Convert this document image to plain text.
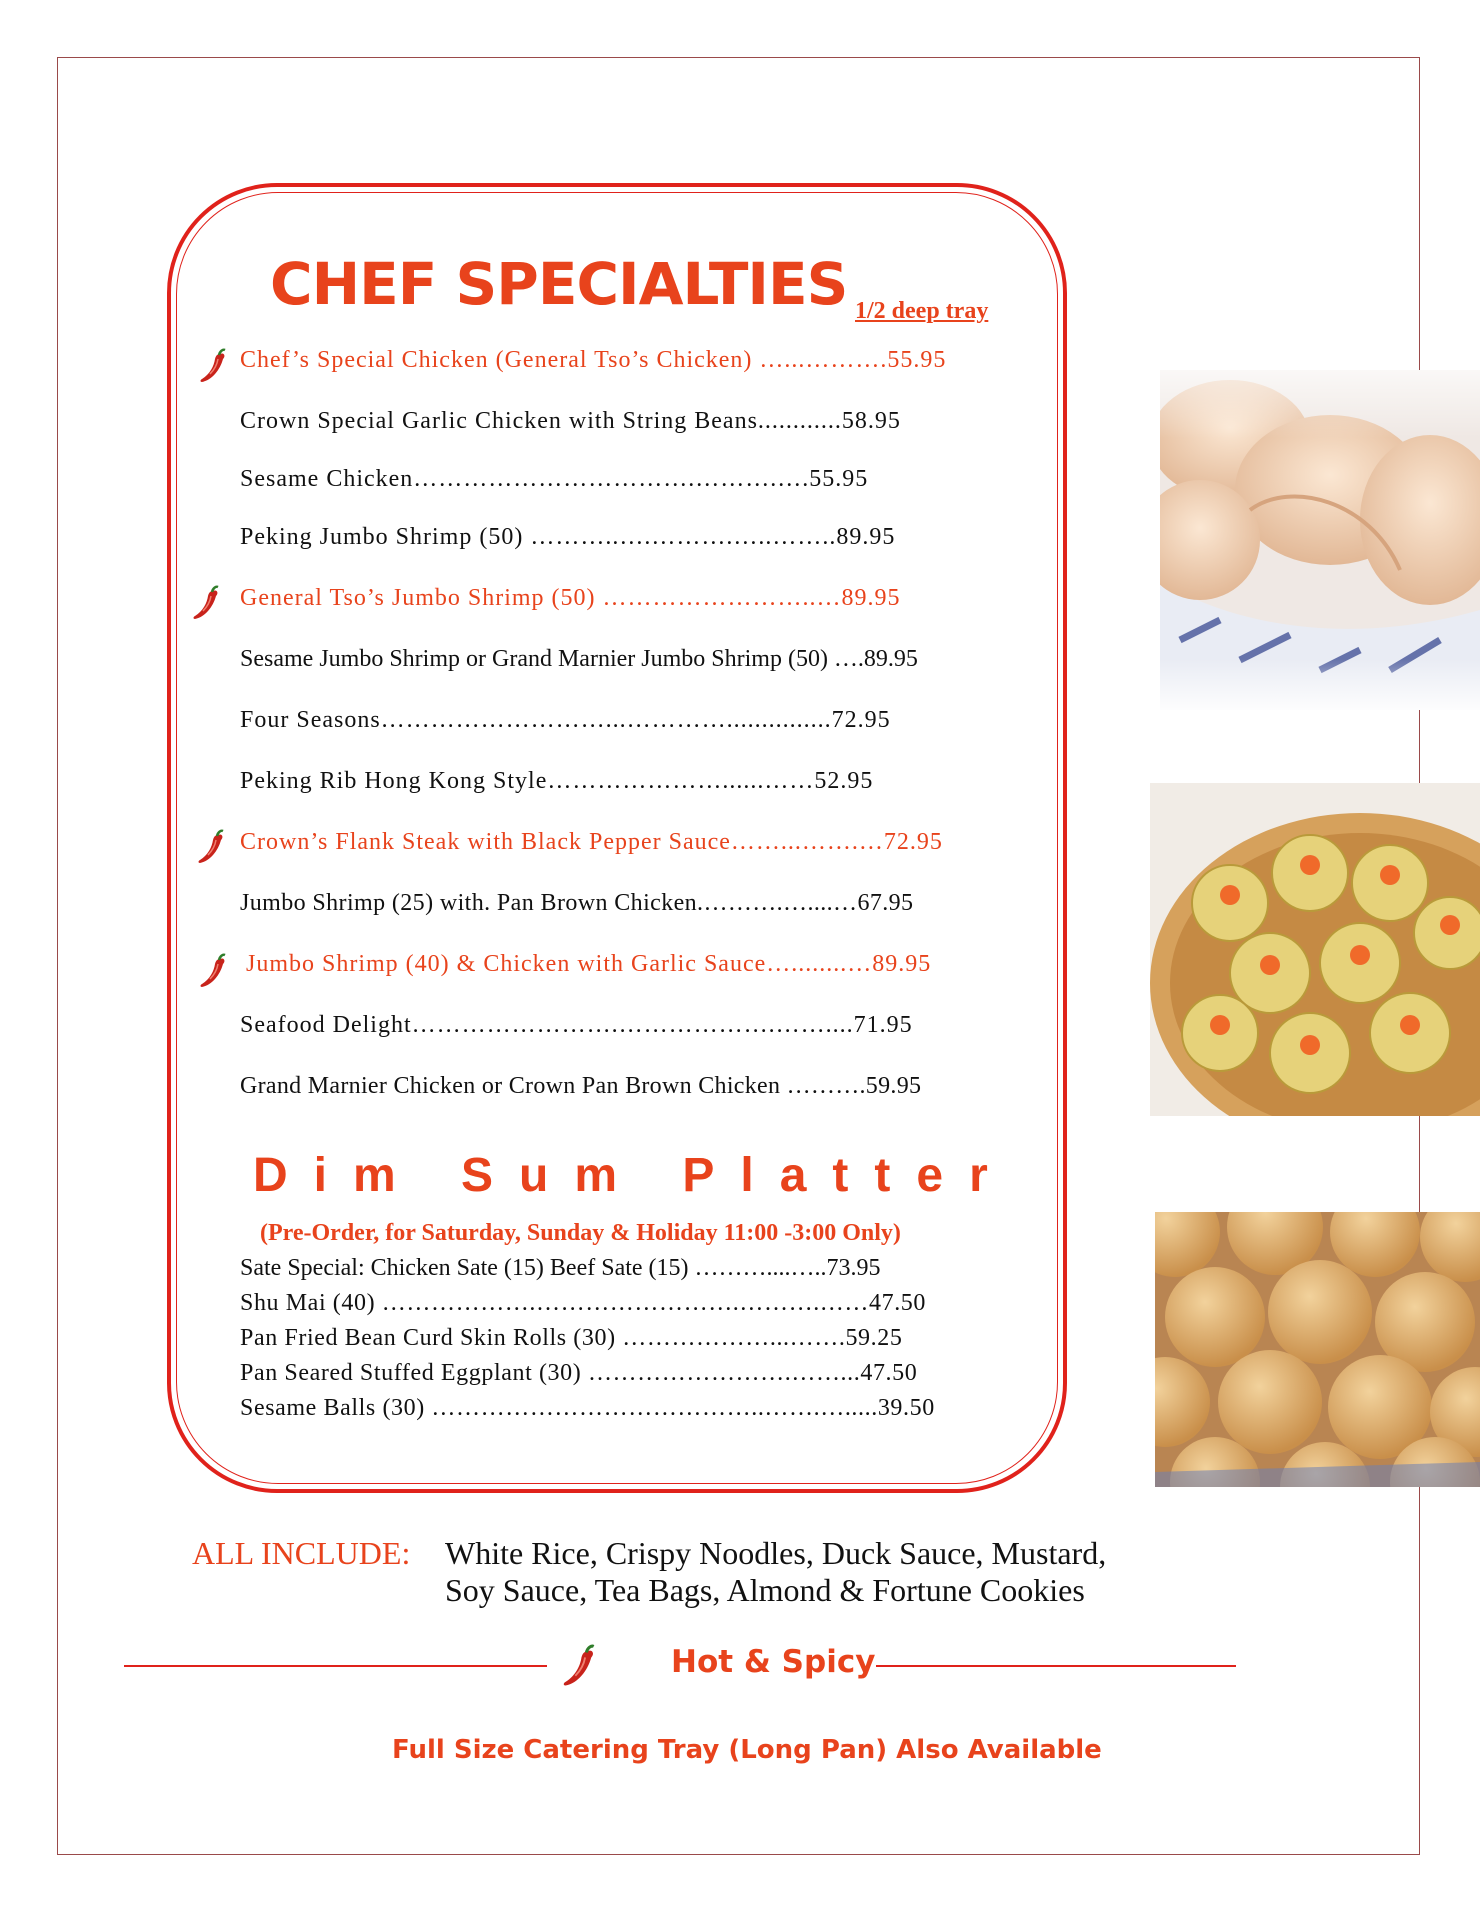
CHEF SPECIALTIES 1/2 deep tray
Chef’s Special Chicken (General Tso’s Chicken) …...……….55.95
Crown Special Garlic Chicken with String Beans............58.95
Sesame Chicken…………………………….……….….55.95
Peking Jumbo Shrimp (50) ………..….……….…..……..89.95
General Tso’s Jumbo Shrimp (50) ……………………..…89.95
Sesame Jumbo Shrimp or Grand Marnier Jumbo Shrimp (50) ….89.95
Four Seasons………………………...…………...............72.95
Peking Rib Hong Kong Style…………………......……52.95
Crown’s Flank Steak with Black Pepper Sauce……...…….…72.95
Jumbo Shrimp (25) with. Pan Brown Chicken.……….…....…67.95
Jumbo Shrimp (40) & Chicken with Garlic Sauce…........…89.95
Seafood Delight…………………….……………….……....71.95
Grand Marnier Chicken or Crown Pan Brown Chicken ……….59.95
Dim Sum Platter
(Pre-Order, for Saturday, Sunday & Holiday 11:00 -3:00 Only)
Sate Special: Chicken Sate (15) Beef Sate (15) ………....…..73.95
Shu Mai (40) ……………….…………………….……….……47.50
Pan Fried Bean Curd Skin Rolls (30) ………………...…….59.25
Pan Seared Stuffed Eggplant (30) …………………….……...47.50
Sesame Balls (30) …………………………………..…….….....39.50
ALL INCLUDE: White Rice, Crispy Noodles, Duck Sauce, Mustard,
Soy Sauce, Tea Bags, Almond & Fortune Cookies
Hot & Spicy
Full Size Catering Tray (Long Pan) Also Available
